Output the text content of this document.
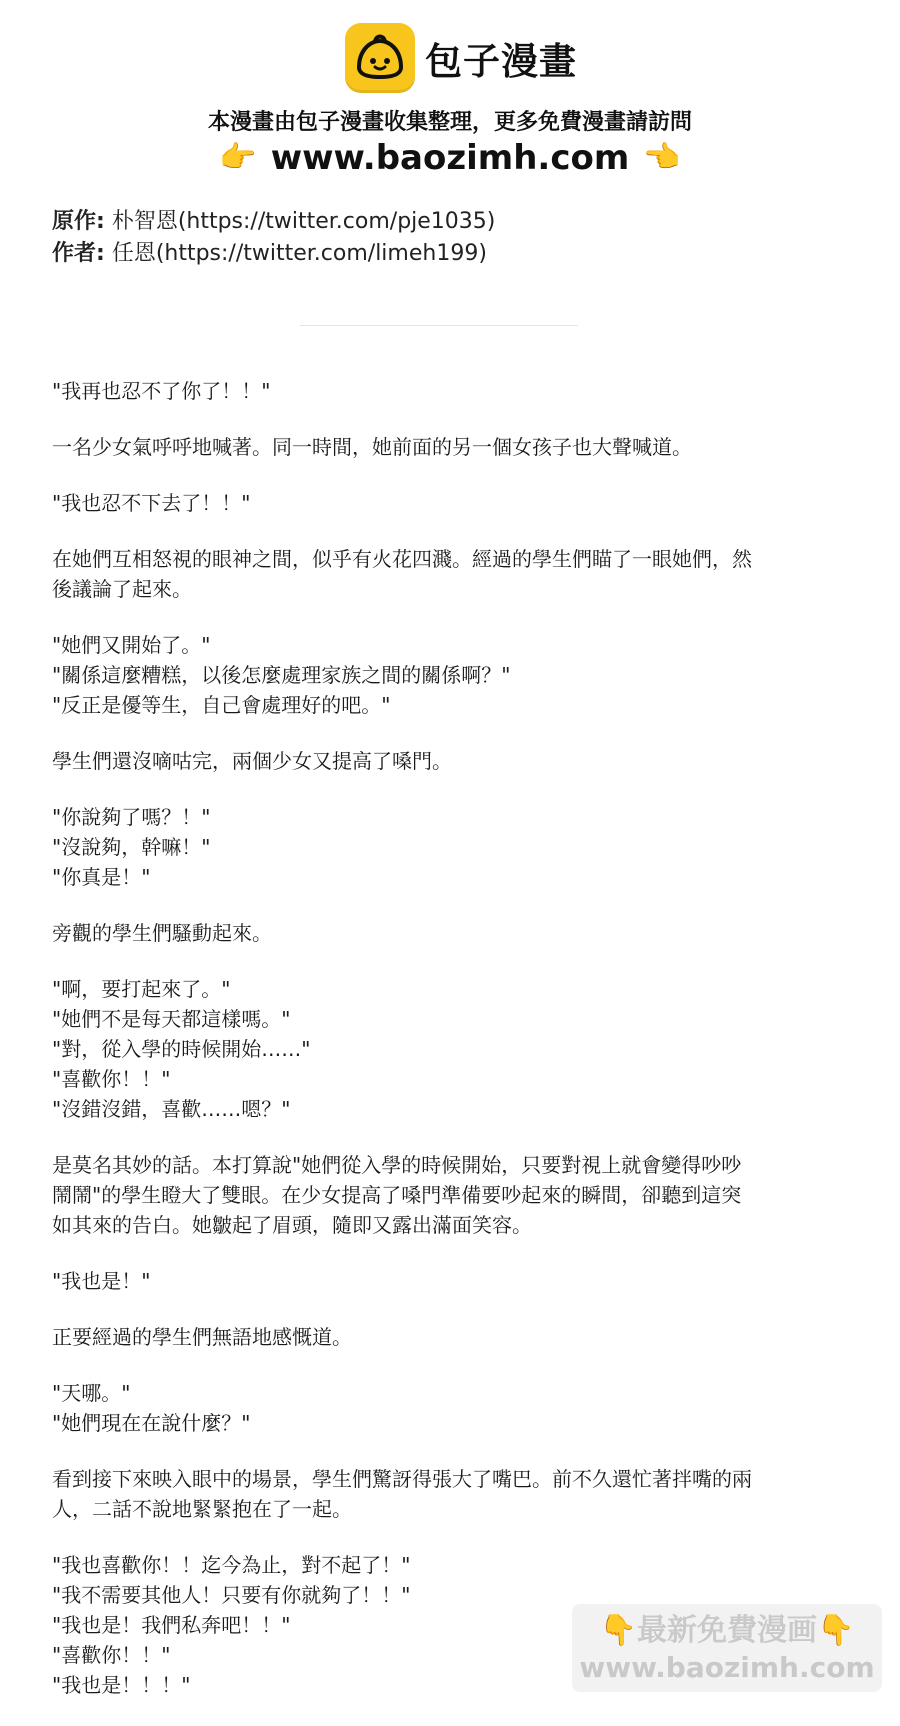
包子漫畫
本漫畫由包子漫畫收集整理，更多免費漫畫請訪問
👉 www.baozimh.com 👈
原作: 朴智恩(https://twitter.com/pje1035)
作者: 任恩(https://twitter.com/limeh199)
"我再也忍不了你了！！"
一名少女氣呼呼地喊著。同一時間，她前面的另一個女孩子也大聲喊道。
"我也忍不下去了！！"
在她們互相怒視的眼神之間，似乎有火花四濺。經過的學生們瞄了一眼她們，然
後議論了起來。
"她們又開始了。"
"關係這麼糟糕，以後怎麼處理家族之間的關係啊？"
"反正是優等生，自己會處理好的吧。"
學生們還沒嘀咕完，兩個少女又提高了嗓門。
"你說夠了嗎？！"
"沒說夠，幹嘛！"
"你真是！"
旁觀的學生們騷動起來。
"啊，要打起來了。"
"她們不是每天都這樣嗎。"
"對，從入學的時候開始……"
"喜歡你！！"
"沒錯沒錯，喜歡……嗯？"
是莫名其妙的話。本打算說"她們從入學的時候開始，只要對視上就會變得吵吵
鬧鬧"的學生瞪大了雙眼。在少女提高了嗓門準備要吵起來的瞬間，卻聽到這突
如其來的告白。她皺起了眉頭，隨即又露出滿面笑容。
"我也是！"
正要經過的學生們無語地感慨道。
"天哪。"
"她們現在在說什麼？"
看到接下來映入眼中的場景，學生們驚訝得張大了嘴巴。前不久還忙著拌嘴的兩
人，二話不說地緊緊抱在了一起。
"我也喜歡你！！迄今為止，對不起了！"
"我不需要其他人！只要有你就夠了！！"
"我也是！我們私奔吧！！"
"喜歡你！！"
"我也是！！！"
👇最新免費漫画👇
www.baozimh.com
